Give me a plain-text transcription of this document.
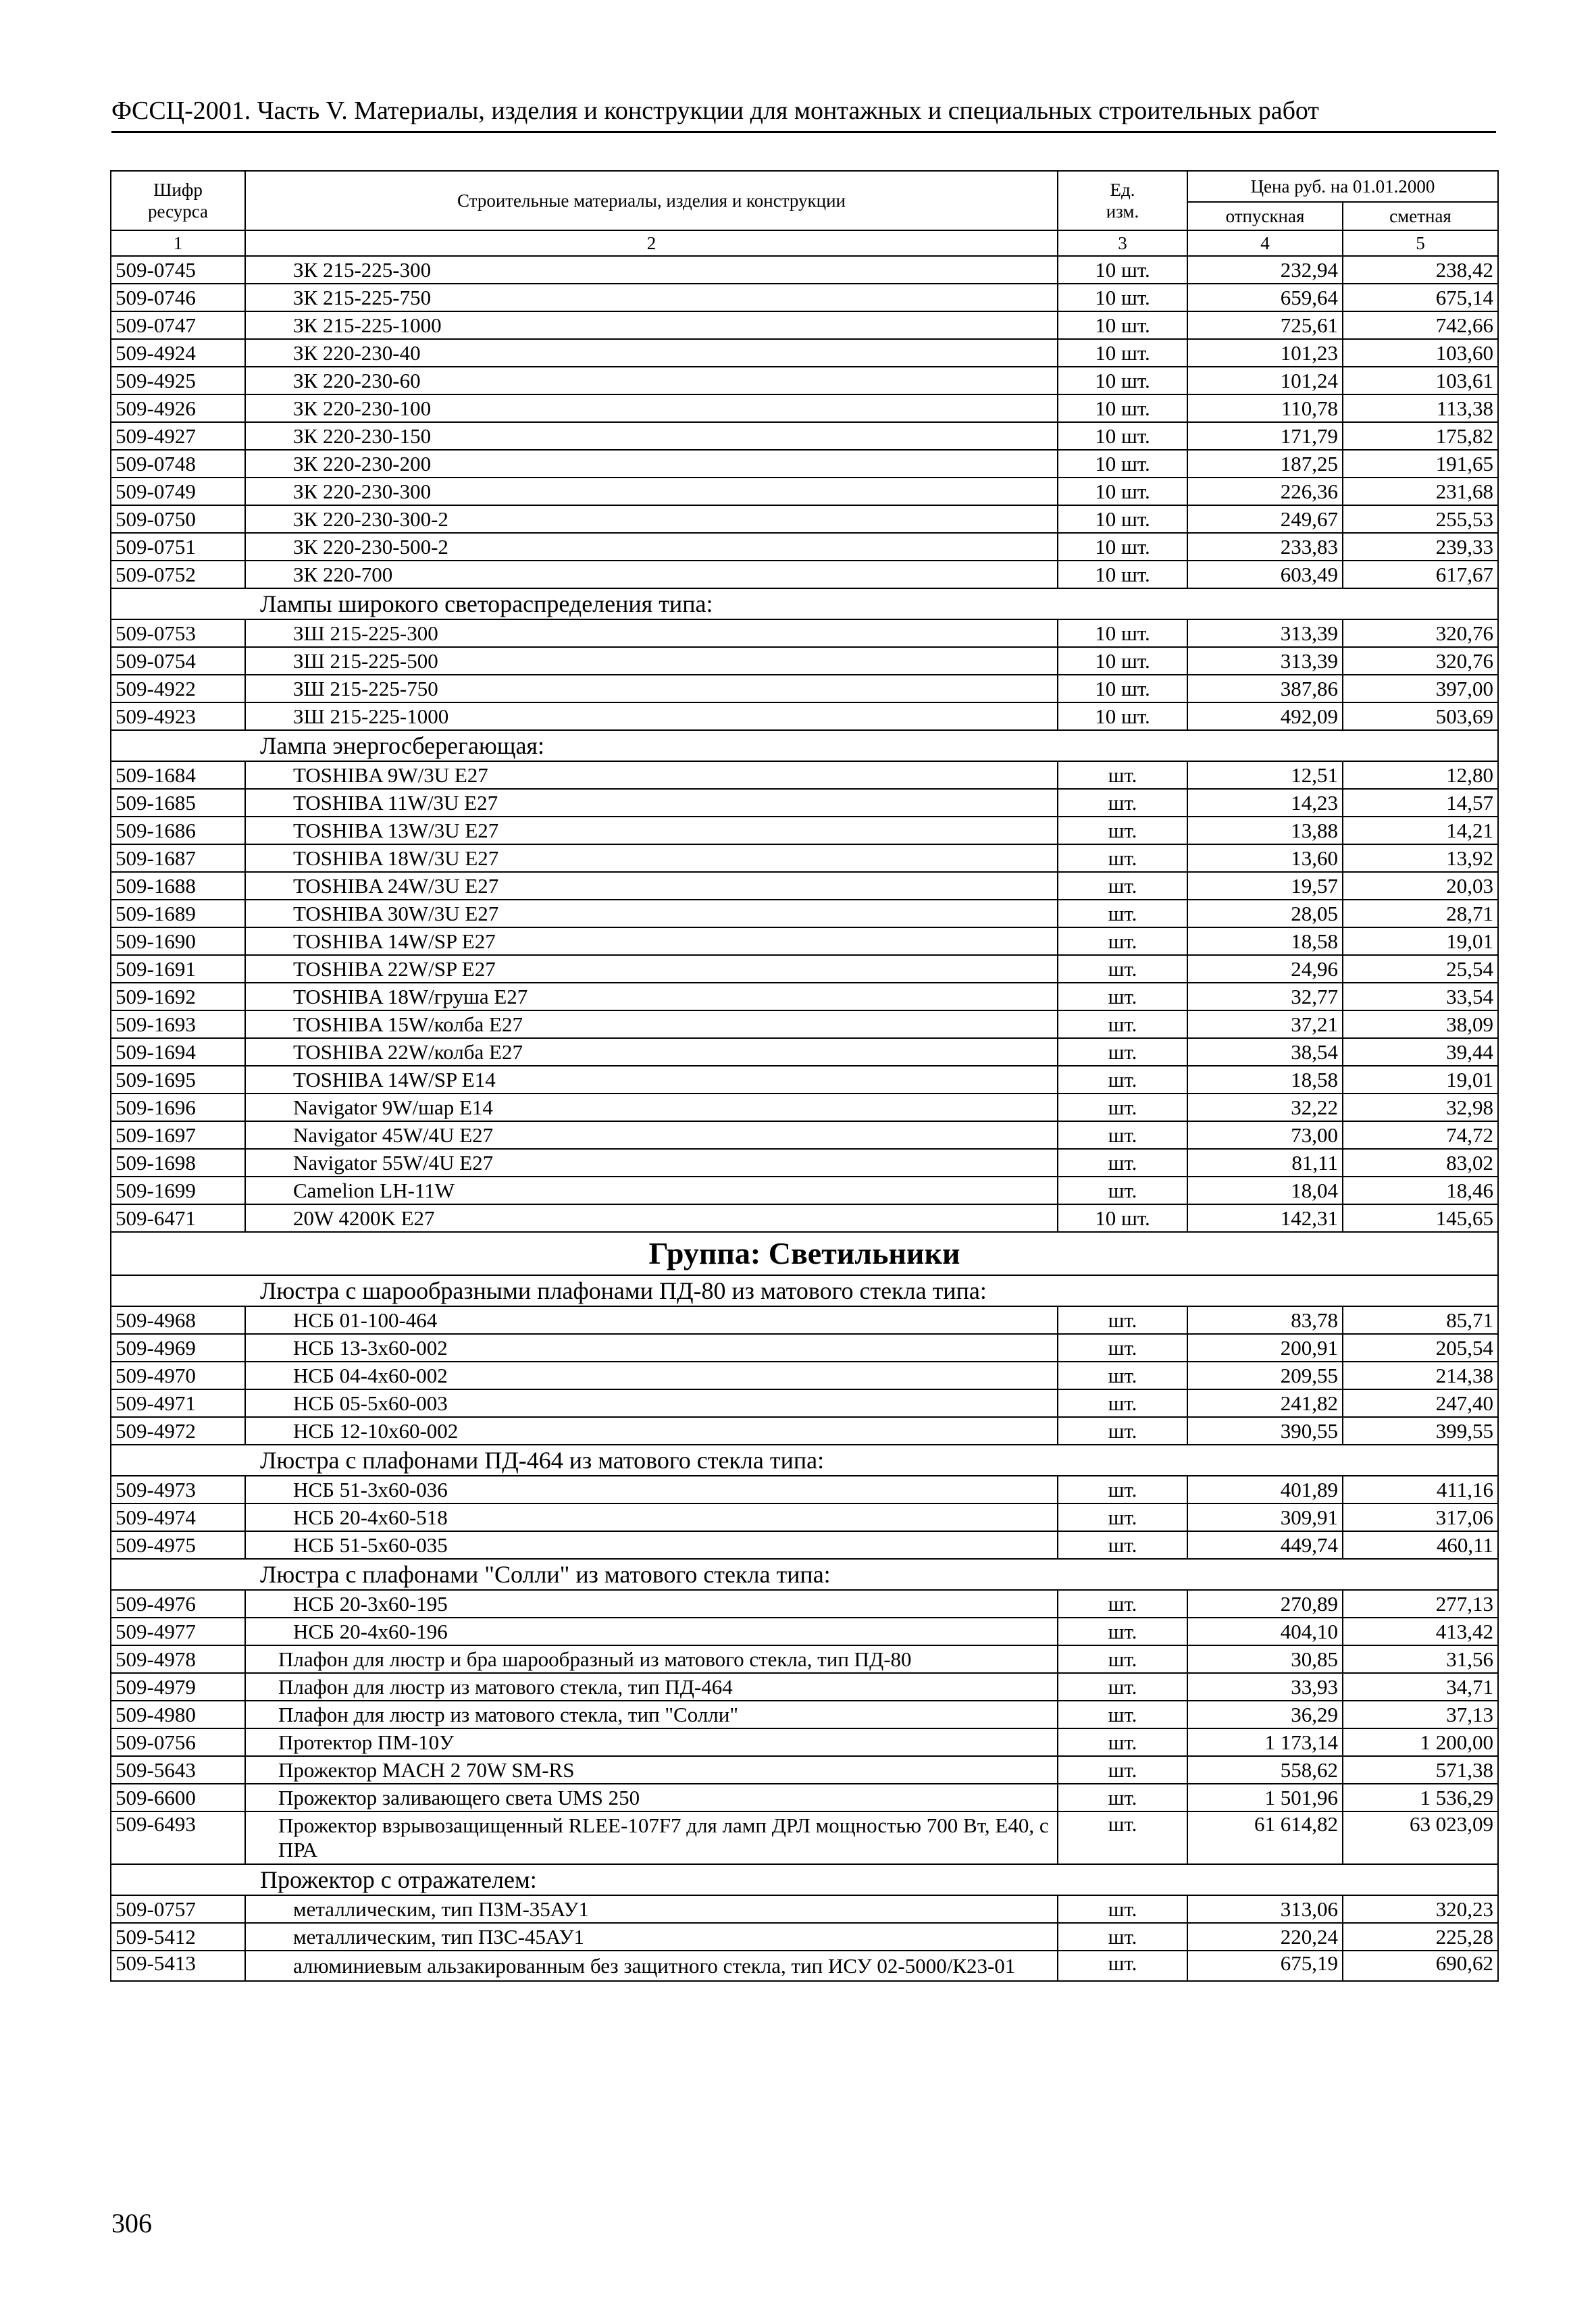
ФССЦ-2001. Часть V. Материалы, изделия и конструкции для монтажных и специальных строительных работ
Шифр ресурса	Строительные материалы, изделия и конструкции	Ед. изм.	Цена руб. на 01.01.2000	
			отпускная	сметная
1	2	3	4	5
509-0745	ЗК 215-225-300	10 шт.	232,94	238,42
509-0746	ЗК 215-225-750	10 шт.	659,64	675,14
509-0747	ЗК 215-225-1000	10 шт.	725,61	742,66
509-4924	ЗК 220-230-40	10 шт.	101,23	103,60
509-4925	ЗК 220-230-60	10 шт.	101,24	103,61
509-4926	ЗК 220-230-100	10 шт.	110,78	113,38
509-4927	ЗК 220-230-150	10 шт.	171,79	175,82
509-0748	ЗК 220-230-200	10 шт.	187,25	191,65
509-0749	ЗК 220-230-300	10 шт.	226,36	231,68
509-0750	ЗК 220-230-300-2	10 шт.	249,67	255,53
509-0751	ЗК 220-230-500-2	10 шт.	233,83	239,33
509-0752	ЗК 220-700	10 шт.	603,49	617,67
Лампы широкого светораспределения типа:				
509-0753	ЗШ 215-225-300	10 шт.	313,39	320,76
509-0754	ЗШ 215-225-500	10 шт.	313,39	320,76
509-4922	ЗШ 215-225-750	10 шт.	387,86	397,00
509-4923	ЗШ 215-225-1000	10 шт.	492,09	503,69
Лампа энергосберегающая:				
509-1684	TOSHIBA 9W/3U E27	шт.	12,51	12,80
509-1685	TOSHIBA 11W/3U E27	шт.	14,23	14,57
509-1686	TOSHIBA 13W/3U E27	шт.	13,88	14,21
509-1687	TOSHIBA 18W/3U E27	шт.	13,60	13,92
509-1688	TOSHIBA 24W/3U E27	шт.	19,57	20,03
509-1689	TOSHIBA 30W/3U E27	шт.	28,05	28,71
509-1690	TOSHIBA 14W/SP E27	шт.	18,58	19,01
509-1691	TOSHIBA 22W/SP E27	шт.	24,96	25,54
509-1692	TOSHIBA 18W/груша E27	шт.	32,77	33,54
509-1693	TOSHIBA 15W/колба E27	шт.	37,21	38,09
509-1694	TOSHIBA 22W/колба E27	шт.	38,54	39,44
509-1695	TOSHIBA 14W/SP E14	шт.	18,58	19,01
509-1696	Navigator 9W/шар E14	шт.	32,22	32,98
509-1697	Navigator 45W/4U E27	шт.	73,00	74,72
509-1698	Navigator 55W/4U E27	шт.	81,11	83,02
509-1699	Camelion LH-11W	шт.	18,04	18,46
509-6471	20W 4200K E27	10 шт.	142,31	145,65
Группа: Светильники				
Люстра с шарообразными плафонами ПД-80 из матового стекла типа:				
509-4968	НСБ 01-100-464	шт.	83,78	85,71
509-4969	НСБ 13-3х60-002	шт.	200,91	205,54
509-4970	НСБ 04-4х60-002	шт.	209,55	214,38
509-4971	НСБ 05-5х60-003	шт.	241,82	247,40
509-4972	НСБ 12-10х60-002	шт.	390,55	399,55
Люстра с плафонами ПД-464 из матового стекла типа:				
509-4973	НСБ 51-3х60-036	шт.	401,89	411,16
509-4974	НСБ 20-4х60-518	шт.	309,91	317,06
509-4975	НСБ 51-5х60-035	шт.	449,74	460,11
Люстра с плафонами "Солли" из матового стекла типа:				
509-4976	НСБ 20-3х60-195	шт.	270,89	277,13
509-4977	НСБ 20-4х60-196	шт.	404,10	413,42
509-4978	Плафон для люстр и бра шарообразный из матового стекла, тип ПД-80	шт.	30,85	31,56
509-4979	Плафон для люстр из матового стекла, тип ПД-464	шт.	33,93	34,71
509-4980	Плафон для люстр из матового стекла, тип "Солли"	шт.	36,29	37,13
509-0756	Протектор ПМ-10У	шт.	1 173,14	1 200,00
509-5643	Прожектор MACH 2 70W SM-RS	шт.	558,62	571,38
509-6600	Прожектор заливающего света UMS 250	шт.	1 501,96	1 536,29
509-6493	Прожектор взрывозащищенный RLEE-107F7 для ламп ДРЛ мощностью 700 Вт, Е40, с ПРА	шт.	61 614,82	63 023,09
Прожектор с отражателем:				
509-0757	металлическим, тип ПЗМ-35АУ1	шт.	313,06	320,23
509-5412	металлическим, тип ПЗС-45АУ1	шт.	220,24	225,28
509-5413	алюминиевым альзакированным без защитного стекла, тип ИСУ 02-5000/К23-01	шт.	675,19	690,62
306
